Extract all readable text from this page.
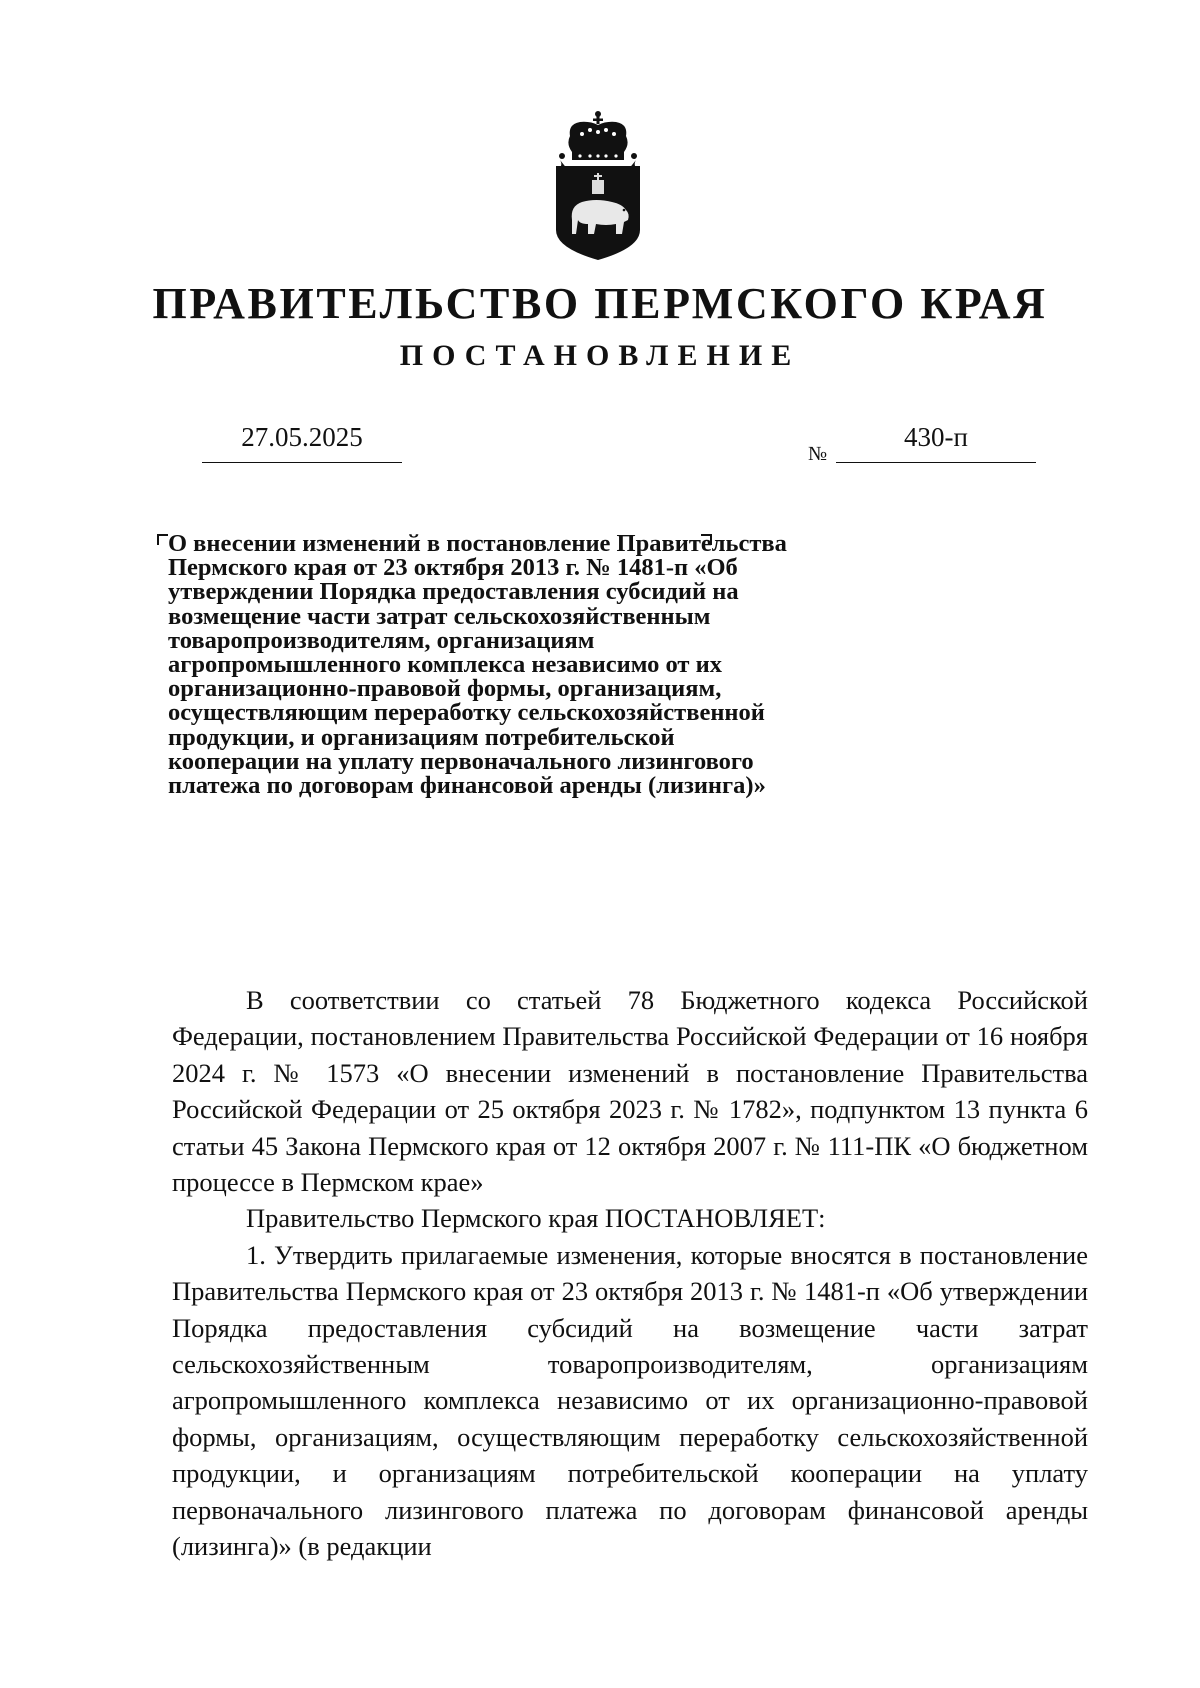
ПРАВИТЕЛЬСТВО ПЕРМСКОГО КРАЯ
ПОСТАНОВЛЕНИЕ
27.05.2025
№
430-п
О внесении изменений в постановление Правительства Пермского края от 23 октября 2013 г. № 1481-п «Об утверждении Порядка предоставления субсидий на возмещение части затрат сельскохозяйственным товаропроизводителям, организациям агропромышленного комплекса независимо от их организационно-правовой формы, организациям, осуществляющим переработку сельскохозяйственной продукции, и организациям потребительской кооперации на уплату первоначального лизингового платежа по договорам финансовой аренды (лизинга)»

В соответствии со статьей 78 Бюджетного кодекса Российской Федерации, постановлением Правительства Российской Федерации от 16 ноября 2024 г. № 1573 «О внесении изменений в постановление Правительства Российской Федерации от 25 октября 2023 г. № 1782», подпунктом 13 пункта 6 статьи 45 Закона Пермского края от 12 октября 2007 г. № 111-ПК «О бюджетном процессе в Пермском крае»

Правительство Пермского края ПОСТАНОВЛЯЕТ:

1. Утвердить прилагаемые изменения, которые вносятся в постановление Правительства Пермского края от 23 октября 2013 г. № 1481-п «Об утверждении Порядка предоставления субсидий на возмещение части затрат сельскохозяйственным товаропроизводителям, организациям агропромышленного комплекса независимо от их организационно-правовой формы, организациям, осуществляющим переработку сельскохозяйственной продукции, и организациям потребительской кооперации на уплату первоначального лизингового платежа по договорам финансовой аренды (лизинга)» (в редакции
